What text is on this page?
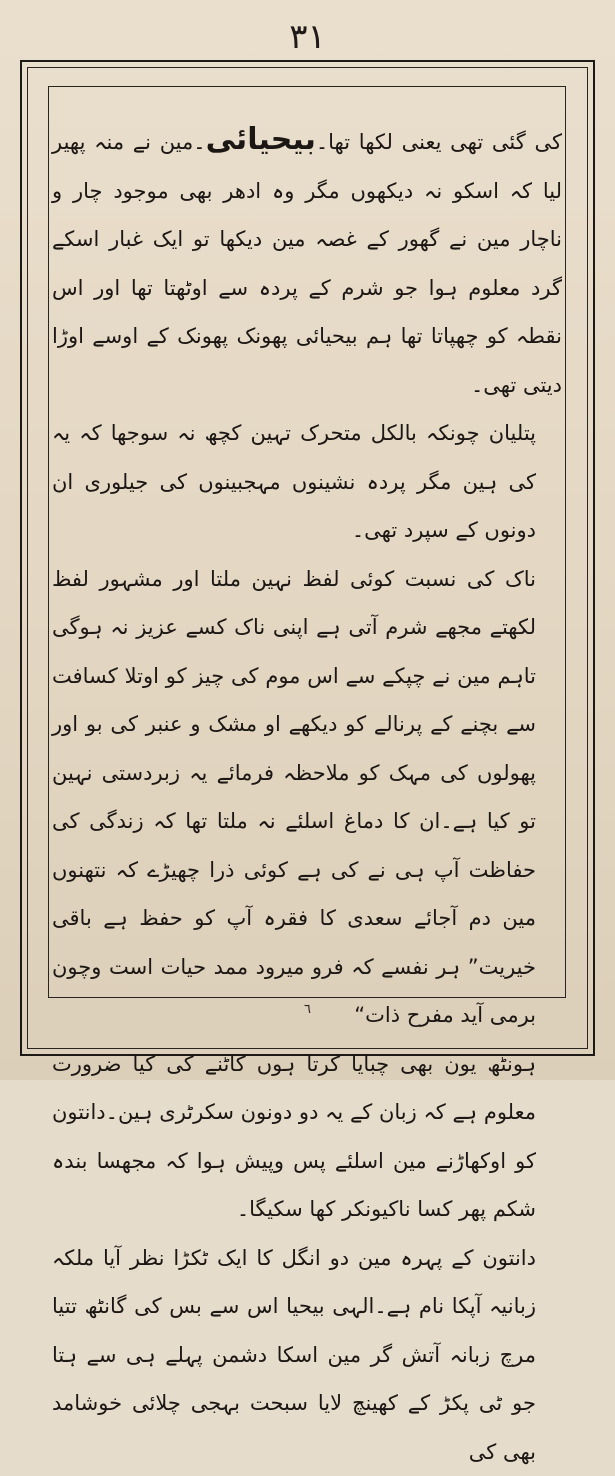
۳۱

کی گئی تھی یعنی لکھا تھا۔بیحیائی۔مین نے منہ پھیر لیا کہ اسکو نہ دیکھوں مگر وہ ادھر بھی موجود چار و ناچار مین نے گھور کے غصہ مین دیکھا تو ایک غبار اسکے گرد معلوم ہوا جو شرم کے پردہ سے اوٹھتا تھا اور اس نقطہ کو چھپاتا تھا ہم بیحیائی پھونک پھونک کے اوسے اوڑا دیتی تھی۔

پتلیان چونکہ بالکل متحرک تہین کچھ نہ سوجھا کہ یہ کی ہین مگر پردہ نشینوں مہجبینوں کی جیلوری ان دونوں کے سپرد تھی۔

ناک کی نسبت کوئی لفظ نہین ملتا اور مشہور لفظ لکھتے مجھے شرم آتی ہے اپنی ناک کسے عزیز نہ ہوگی تاہم مین نے چپکے سے اس موم کی چیز کو اوتلا کسافت سے بچنے کے پرنالے کو دیکھے او مشک و عنبر کی بو اور پھولوں کی مہک کو ملاحظہ فرمائے یہ زبردستی نہین تو کیا ہے۔ان کا دماغ اسلئے نہ ملتا تھا کہ زندگی کی حفاظت آپ ہی نے کی ہے کوئی ذرا چھیڑے کہ نتھنوں مین دم آجائے سعدی کا فقرہ آپ کو حفظ ہے باقی خیریت” ہر نفسے کہ فرو میرود ممد حیات است وچون برمی آید مفرح ذات“

ہونٹھ یون بھی چبایا کرتا ہوں کاٹنے کی کیا ضرورت معلوم ہے کہ زبان کے یہ دو دونون سکرٹری ہین۔دانتون کو اوکھاڑنے مین اسلئے پس وپیش ہوا کہ مجھسا بندہ شکم پھر کسا ناکیونکر کھا سکیگا۔

دانتون کے پہرہ مین دو انگل کا ایک ٹکڑا نظر آیا ملکہ زبانیہ آپکا نام ہے۔الہی بیحیا اس سے بس کی گانٹھ تتیا مرچ زبانہ آتش گر مین اسکا دشمن پہلے ہی سے ہتا جو ٹی پکڑ کے کھینچ لایا سبحت بہجی چلائی خوشامد بھی کی

٦
